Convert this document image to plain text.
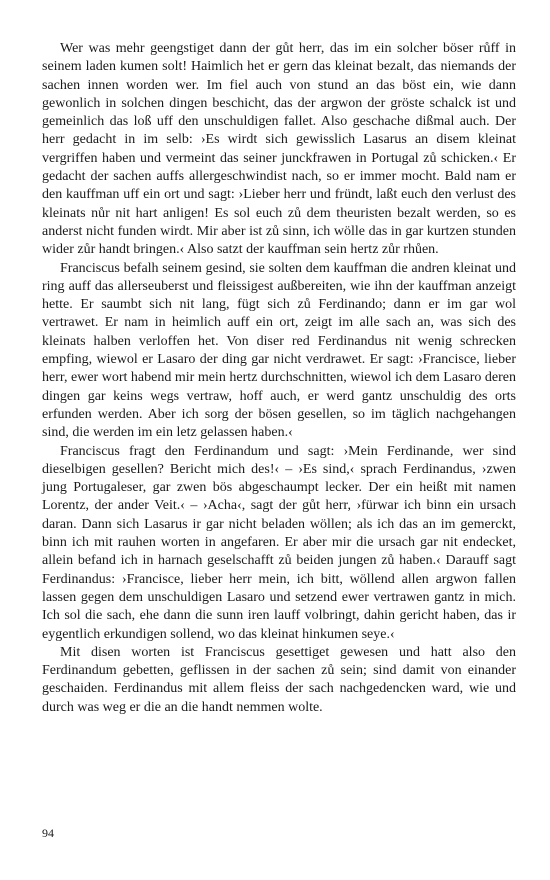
Wer was mehr geengstiget dann der gůt herr, das im ein solcher böser růff in seinem laden kumen solt! Haimlich het er gern das kleinat bezalt, das niemands der sachen innen worden wer. Im fiel auch von stund an das böst ein, wie dann gewonlich in solchen dingen beschicht, das der argwon der gröste schalck ist und gemeinlich das loß uff den unschuldigen fallet. Also geschache dißmal auch. Der herr gedacht in im selb: ›Es wirdt sich gewisslich Lasarus an disem kleinat vergriffen haben und vermeint das seiner junckfrawen in Portugal zů schicken.‹ Er gedacht der sachen auffs allergeschwindist nach, so er immer mocht. Bald nam er den kauffman uff ein ort und sagt: ›Lieber herr und fründt, laßt euch den verlust des kleinats nůr nit hart anligen! Es sol euch zů dem theuristen bezalt werden, so es anderst nicht funden wirdt. Mir aber ist zů sinn, ich wölle das in gar kurtzen stunden wider zůr handt bringen.‹ Also satzt der kauffman sein hertz zůr rhůen.

Franciscus befalh seinem gesind, sie solten dem kauffman die andren kleinat und ring auff das allerseuberst und fleissigest außbereiten, wie ihn der kauffman anzeigt hette. Er saumbt sich nit lang, fügt sich zů Ferdinando; dann er im gar wol vertrawet. Er nam in heimlich auff ein ort, zeigt im alle sach an, was sich des kleinats halben verloffen het. Von diser red Ferdinandus nit wenig schrecken empfing, wiewol er Lasaro der ding gar nicht verdrawet. Er sagt: ›Francisce, lieber herr, ewer wort habend mir mein hertz durchschnitten, wiewol ich dem Lasaro deren dingen gar keins wegs vertraw, hoff auch, er werd gantz unschuldig des orts erfunden werden. Aber ich sorg der bösen gesellen, so im täglich nachgehangen sind, die werden im ein letz gelassen haben.‹

Franciscus fragt den Ferdinandum und sagt: ›Mein Ferdinande, wer sind dieselbigen gesellen? Bericht mich des!‹ – ›Es sind,‹ sprach Ferdinandus, ›zwen jung Portugaleser, gar zwen bös abgeschaumpt lecker. Der ein heißt mit namen Lorentz, der ander Veit.‹ – ›Acha‹, sagt der gůt herr, ›fürwar ich binn ein ursach daran. Dann sich Lasarus ir gar nicht beladen wöllen; als ich das an im gemerckt, binn ich mit rauhen worten in angefaren. Er aber mir die ursach gar nit endecket, allein befand ich in harnach geselschafft zů beiden jungen zů haben.‹ Darauff sagt Ferdinandus: ›Francisce, lieber herr mein, ich bitt, wöllend allen argwon fallen lassen gegen dem unschuldigen Lasaro und setzend ewer vertrawen gantz in mich. Ich sol die sach, ehe dann die sunn iren lauff volbringt, dahin gericht haben, das ir eygentlich erkundigen sollend, wo das kleinat hinkumen seye.‹

Mit disen worten ist Franciscus gesettiget gewesen und hatt also den Ferdinandum gebetten, geflissen in der sachen zů sein; sind damit von einander geschaiden. Ferdinandus mit allem fleiss der sach nachgedencken ward, wie und durch was weg er die an die handt nemmen wolte.

94
